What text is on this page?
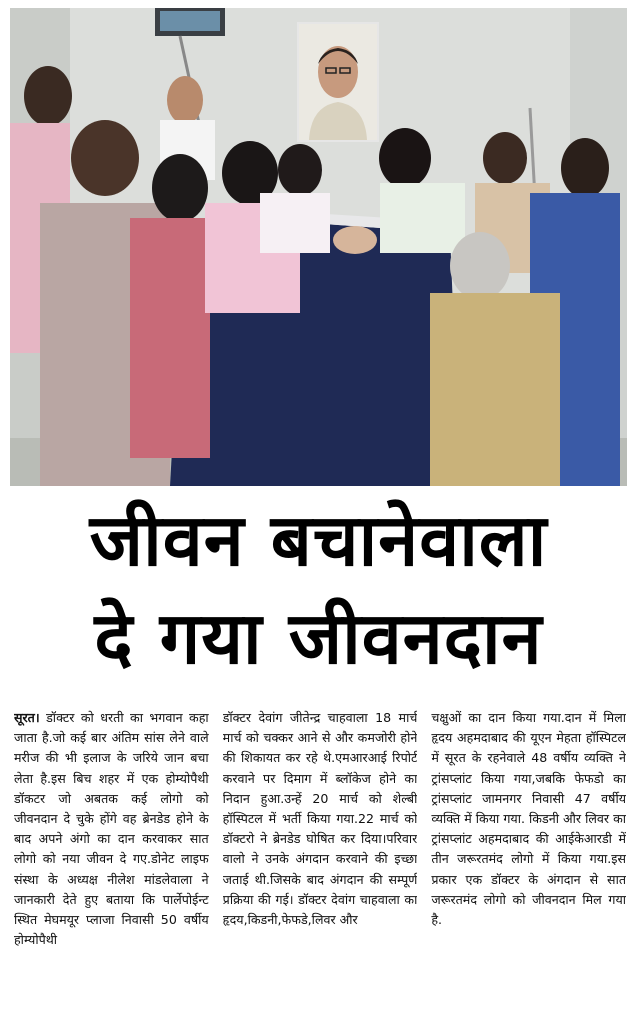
जीवन बचानेवाला
दे गया जीवनदान
सूरत। डॉक्टर को धरती का भगवान कहा जाता है.जो कई बार अंतिम सांस लेने वाले मरीज की भी इलाज के जरिये जान बचा लेता है.इस बिच शहर में एक होम्योपैथी डॉकटर जो अबतक कई लोगो को जीवनदान दे चुके होंगे वह ब्रेनडेड होने के बाद अपने अंगो का दान करवाकर सात लोगो को नया जीवन दे गए.डोनेट लाइफ संस्था के अध्यक्ष नीलेश मांडलेवाला ने जानकारी देते हुए बताया कि पार्लेपोईन्ट स्थित मेघमयूर प्लाजा निवासी 50 वर्षीय होम्योपैथी
डॉक्टर देवांग जीतेन्द्र चाहवाला 18 मार्च मार्च को चक्कर आने से और कमजोरी होने की शिकायत कर रहे थे.एमआरआई रिपोर्ट करवाने पर दिमाग में ब्लॉकेज होने का निदान हुआ.उन्हें 20 मार्च को शेल्बी हॉस्पिटल में भर्ती किया गया.22 मार्च को डॉक्टरो ने ब्रेनडेड घोषित कर दिया।परिवार वालो ने उनके अंगदान करवाने की इच्छा जताई थी.जिसके बाद अंगदान की सम्पूर्ण प्रक्रिया की गई। डॉक्टर देवांग चाहवाला का हृदय,किडनी,फेफडे,लिवर और
चक्षुओं का दान किया गया.दान में मिला हृदय अहमदाबाद की यूएन मेहता हॉस्पिटल में सूरत के रहनेवाले 48 वर्षीय व्यक्ति ने ट्रांसप्लांट किया गया,जबकि फेफडो का ट्रांसप्लांट जामनगर निवासी 47 वर्षीय व्यक्ति में किया गया. किडनी और लिवर का ट्रांसप्लांट अहमदाबाद की आईकेआरडी में तीन जरूरतमंद लोगो में किया गया.इस प्रकार एक डॉक्टर के अंगदान से सात जरूरतमंद लोगो को जीवनदान मिल गया है.
